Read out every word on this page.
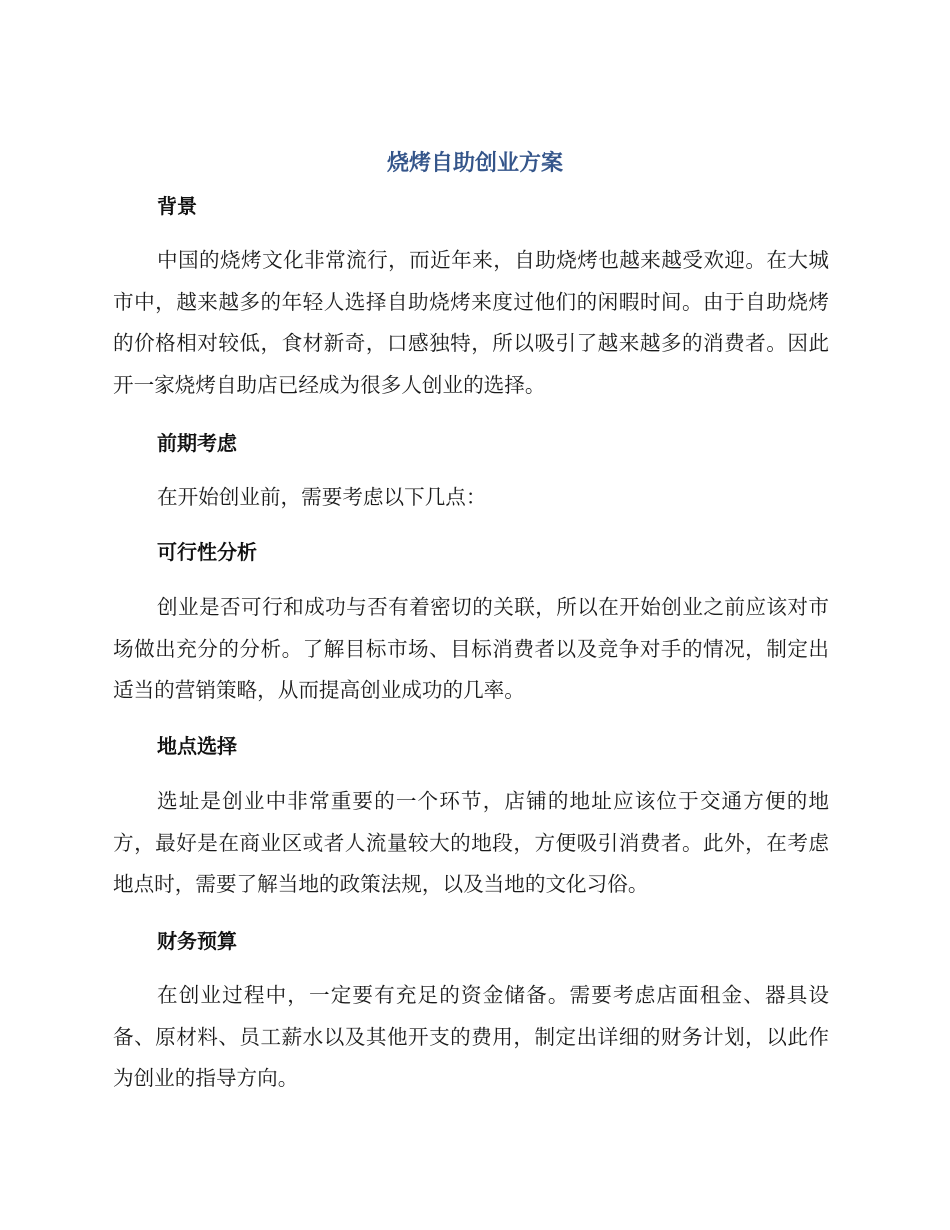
烧烤自助创业方案
背景

中国的烧烤文化非常流行，而近年来，自助烧烤也越来越受欢迎。在大城市中，越来越多的年轻人选择自助烧烤来度过他们的闲暇时间。由于自助烧烤的价格相对较低，食材新奇，口感独特，所以吸引了越来越多的消费者。因此开一家烧烤自助店已经成为很多人创业的选择。

前期考虑

在开始创业前，需要考虑以下几点：

可行性分析

创业是否可行和成功与否有着密切的关联，所以在开始创业之前应该对市场做出充分的分析。了解目标市场、目标消费者以及竞争对手的情况，制定出适当的营销策略，从而提高创业成功的几率。

地点选择

选址是创业中非常重要的一个环节，店铺的地址应该位于交通方便的地方，最好是在商业区或者人流量较大的地段，方便吸引消费者。此外，在考虑地点时，需要了解当地的政策法规，以及当地的文化习俗。

财务预算

在创业过程中，一定要有充足的资金储备。需要考虑店面租金、器具设备、原材料、员工薪水以及其他开支的费用，制定出详细的财务计划，以此作为创业的指导方向。
